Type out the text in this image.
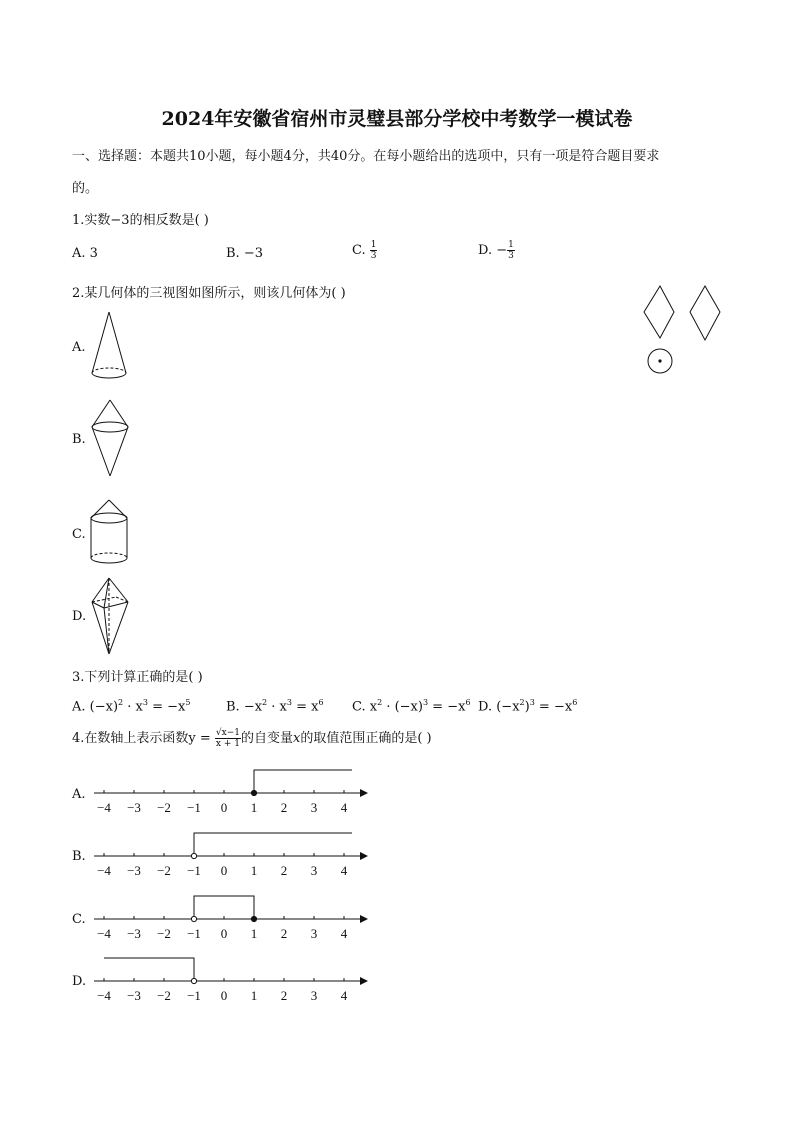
2024年安徽省宿州市灵璧县部分学校中考数学一模试卷
一、选择题：本题共10小题，每小题4分，共40分。在每小题给出的选项中，只有一项是符合题目要求
的。
1.实数−3的相反数是( )
A. 3	B. −3	C. $\frac{1}{3}$	D. − $\frac{1}{3}$
2.某几何体的三视图如图所示，则该几何体为( )
A.
B.
C.
D.
3.下列计算正确的是( )
A. $(-x)^2 \cdot x^3 = -x^5$	B. $-x^2 \cdot x^3 = x^6$ C. $x^2 \cdot (-x)^3 = -x^6$ D. $(-x^2)^3 = -x^6$
4.在数轴上表示函数$y = \frac{√x-1}{x + 1}$ 的自变量x的取值范围正确的是( )
A.
−4 −3 −2 −1 0 1 2 3 4
B.
−4 −3 −2 −1 0 1 2 3 4
C.
−4 −3 −2 −1 0 1 2 3 4
D.
−4 −3 −2 −1 0 1 2 3 4
